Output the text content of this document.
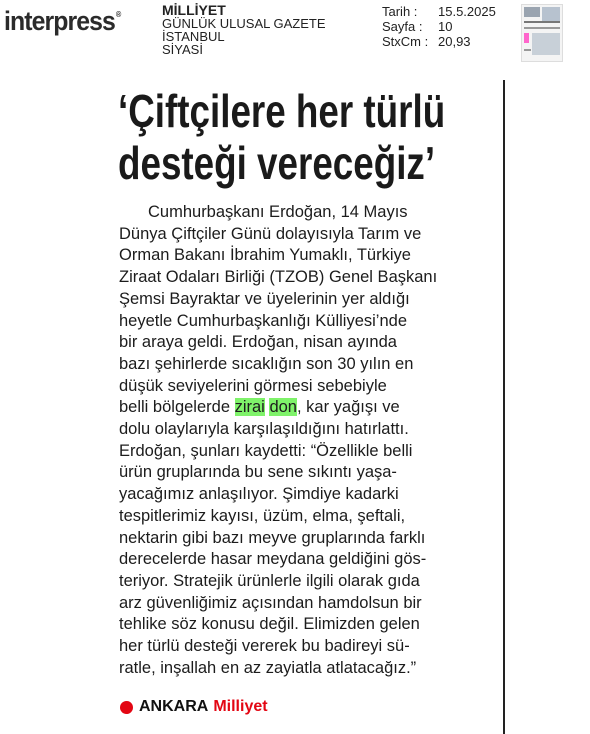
interpress®	MİLLİYET
GÜNLÜK ULUSAL GAZETE
İSTANBUL
SİYASİ
Tarih :	15.5.2025
Sayfa :	10
StxCm : 20,93
‘Çiftçilere her türlü
desteği vereceğiz’
Cumhurbaşkanı Erdoğan, 14 Mayıs
Dünya Çiftçiler Günü dolayısıyla Tarım ve
Orman Bakanı İbrahim Yumaklı, Türkiye
Ziraat Odaları Birliği (TZOB) Genel Başkanı
Şemsi Bayraktar ve üyelerinin yer aldığı
heyetle Cumhurbaşkanlığı Külliyesi’nde
bir araya geldi. Erdoğan, nisan ayında
bazı şehirlerde sıcaklığın son 30 yılın en
düşük seviyelerini görmesi sebebiyle
belli bölgelerde zirai don, kar yağışı ve
dolu olaylarıyla karşılaşıldığını hatırlattı.
Erdoğan, şunları kaydetti: “Özellikle belli
ürün gruplarında bu sene sıkıntı yaşa-
yacağımız anlaşılıyor. Şimdiye kadarki
tespitlerimiz kayısı, üzüm, elma, şeftali,
nektarin gibi bazı meyve gruplarında farklı
derecelerde hasar meydana geldiğini gös-
teriyor. Stratejik ürünlerle ilgili olarak gıda
arz güvenliğimiz açısından hamdolsun bir
tehlike söz konusu değil. Elimizden gelen
her türlü desteği vererek bu badireyi sü-
ratle, inşallah en az zayiatla atlatacağız.”
ANKARA Milliyet
